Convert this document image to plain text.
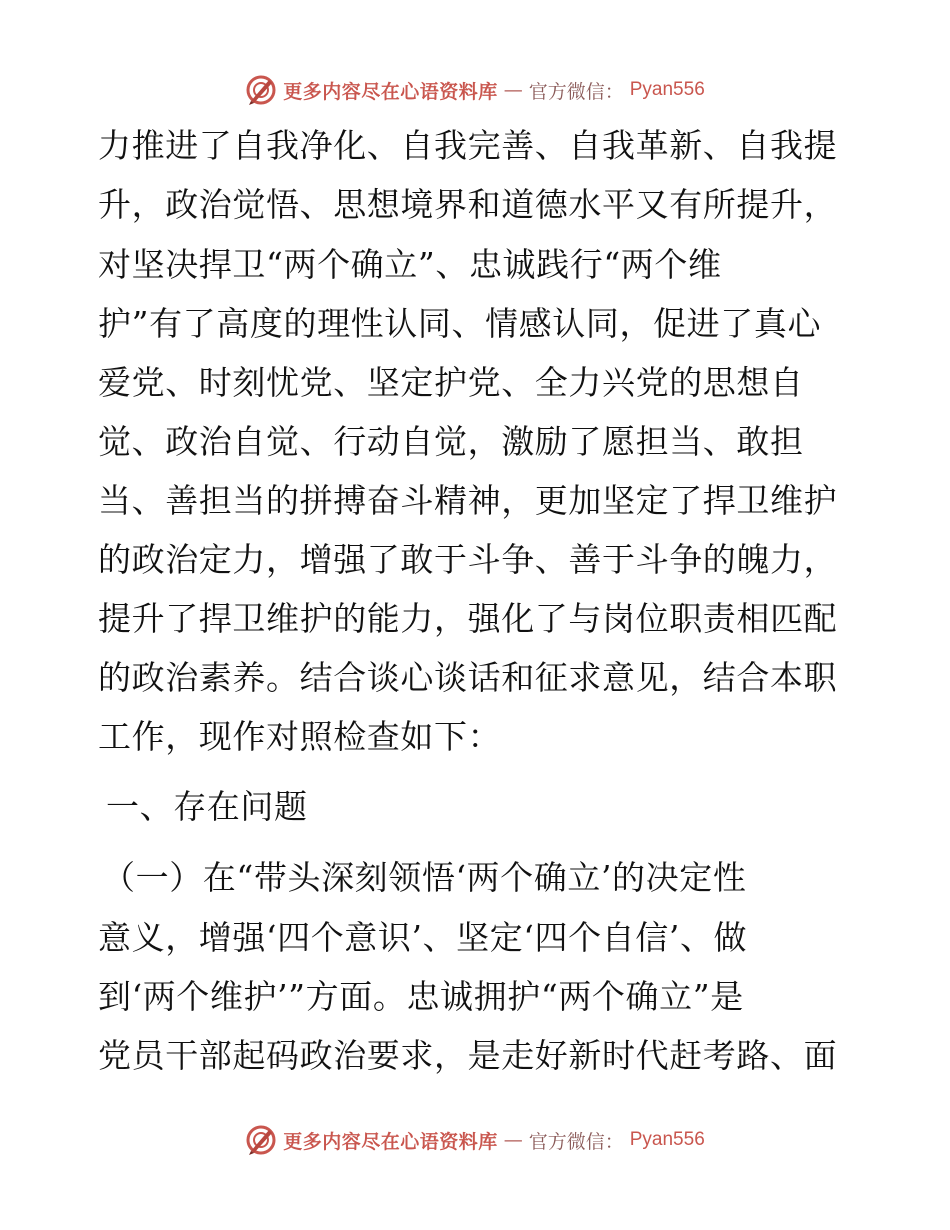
更多内容尽在心语资料库 — 官方微信： Pyan556
力推进了自我净化、自我完善、自我革新、自我提
升，政治觉悟、思想境界和道德水平又有所提升，
对坚决捍卫“两个确立”、忠诚践行“两个维
护”有了高度的理性认同、情感认同，促进了真心
爱党、时刻忧党、坚定护党、全力兴党的思想自
觉、政治自觉、行动自觉，激励了愿担当、敢担
当、善担当的拼搏奋斗精神，更加坚定了捍卫维护
的政治定力，增强了敢于斗争、善于斗争的魄力，
提升了捍卫维护的能力，强化了与岗位职责相匹配
的政治素养。结合谈心谈话和征求意见，结合本职
工作，现作对照检查如下：
一、存在问题
（一）在“带头深刻领悟‘两个确立’的决定性
意义，增强‘四个意识’、坚定‘四个自信’、做
到‘两个维护’”方面。忠诚拥护“两个确立”是
党员干部起码政治要求，是走好新时代赶考路、面
更多内容尽在心语资料库 — 官方微信： Pyan556
